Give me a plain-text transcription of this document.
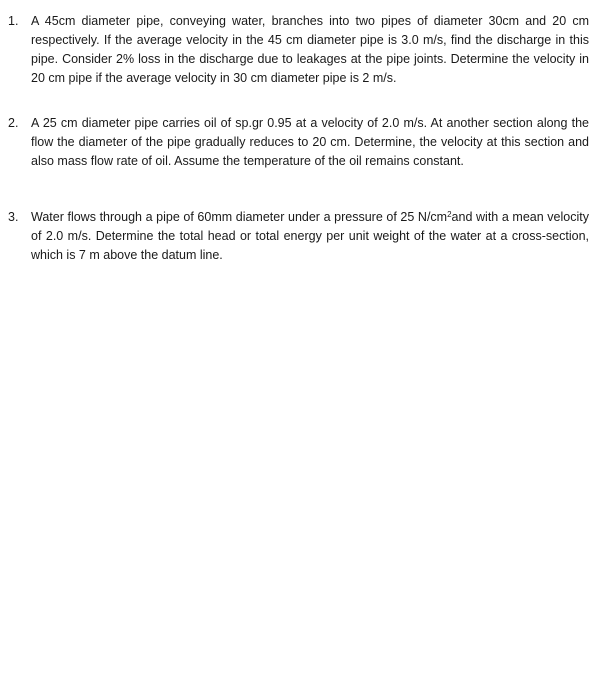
1. A 45cm diameter pipe, conveying water, branches into two pipes of diameter 30cm and 20 cm respectively. If the average velocity in the 45 cm diameter pipe is 3.0 m/s, find the discharge in this pipe. Consider 2% loss in the discharge due to leakages at the pipe joints. Determine the velocity in 20 cm pipe if the average velocity in 30 cm diameter pipe is 2 m/s.
2. A 25 cm diameter pipe carries oil of sp.gr 0.95 at a velocity of 2.0 m/s. At another section along the flow the diameter of the pipe gradually reduces to 20 cm. Determine, the velocity at this section and also mass flow rate of oil. Assume the temperature of the oil remains constant.
3. Water flows through a pipe of 60mm diameter under a pressure of 25 $N/cm^2and$ with a mean velocity of 2.0 m/s. Determine the total head or total energy per unit weight of the water at a cross-section, which is 7 m above the datum line.
